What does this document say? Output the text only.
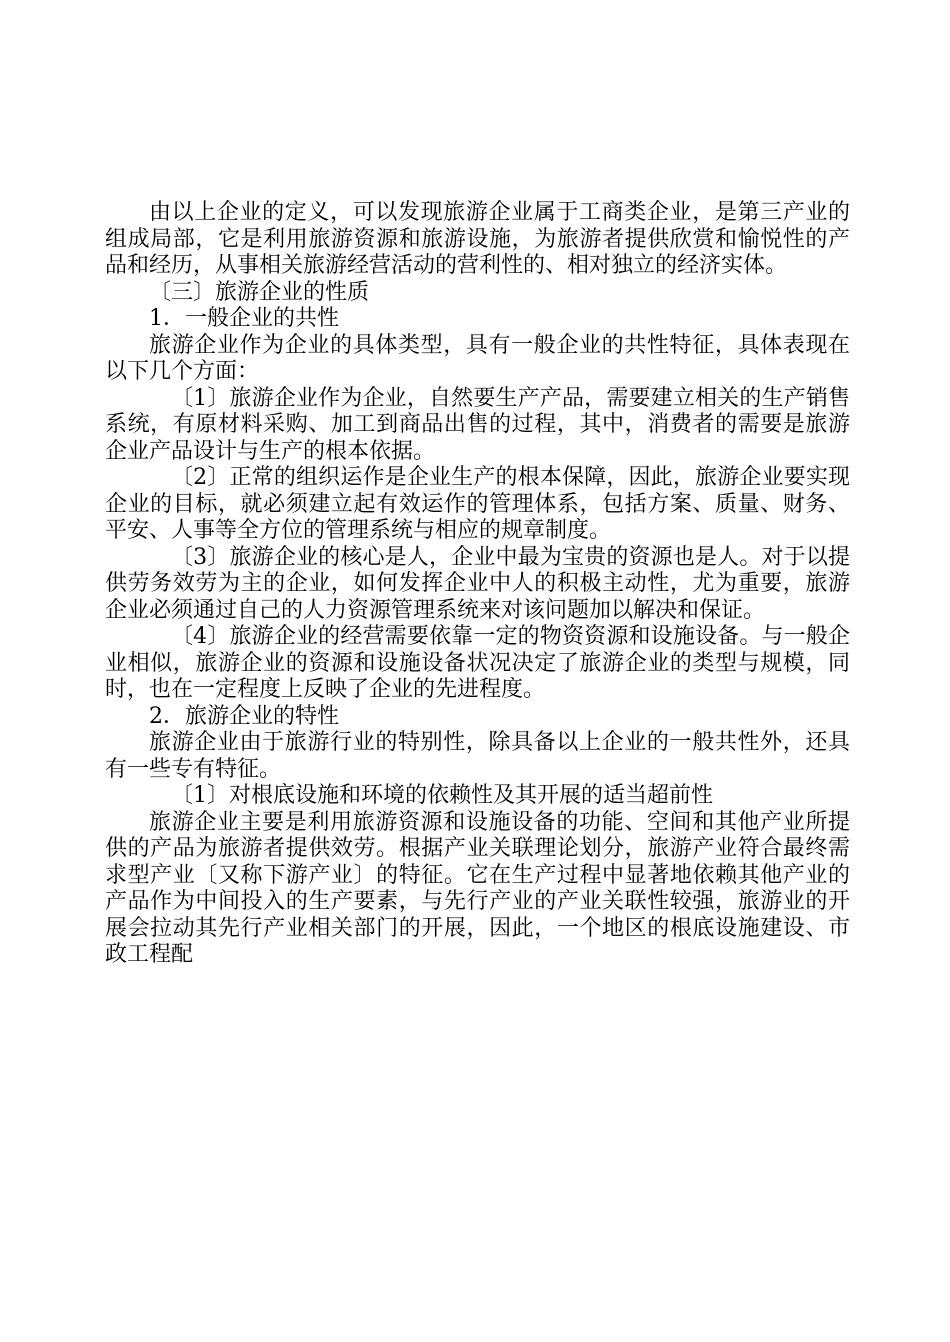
由以上企业的定义，可以发现旅游企业属于工商类企业，是第三产业的组成局部，它是利用旅游资源和旅游设施，为旅游者提供欣赏和愉悦性的产品和经历，从事相关旅游经营活动的营利性的、相对独立的经济实体。

〔三〕旅游企业的性质

1．一般企业的共性

旅游企业作为企业的具体类型，具有一般企业的共性特征，具体表现在以下几个方面：

〔1〕旅游企业作为企业，自然要生产产品，需要建立相关的生产销售系统，有原材料采购、加工到商品出售的过程，其中，消费者的需要是旅游企业产品设计与生产的根本依据。

〔2〕正常的组织运作是企业生产的根本保障，因此，旅游企业要实现企业的目标，就必须建立起有效运作的管理体系，包括方案、质量、财务、平安、人事等全方位的管理系统与相应的规章制度。

〔3〕旅游企业的核心是人，企业中最为宝贵的资源也是人。对于以提供劳务效劳为主的企业，如何发挥企业中人的积极主动性，尤为重要，旅游企业必须通过自己的人力资源管理系统来对该问题加以解决和保证。

〔4〕旅游企业的经营需要依靠一定的物资资源和设施设备。与一般企业相似，旅游企业的资源和设施设备状况决定了旅游企业的类型与规模，同时，也在一定程度上反映了企业的先进程度。

2．旅游企业的特性

旅游企业由于旅游行业的特别性，除具备以上企业的一般共性外，还具有一些专有特征。

〔1〕对根底设施和环境的依赖性及其开展的适当超前性

旅游企业主要是利用旅游资源和设施设备的功能、空间和其他产业所提供的产品为旅游者提供效劳。根据产业关联理论划分，旅游产业符合最终需求型产业〔又称下游产业〕的特征。它在生产过程中显著地依赖其他产业的产品作为中间投入的生产要素，与先行产业的产业关联性较强，旅游业的开展会拉动其先行产业相关部门的开展，因此，一个地区的根底设施建设、市政工程配
